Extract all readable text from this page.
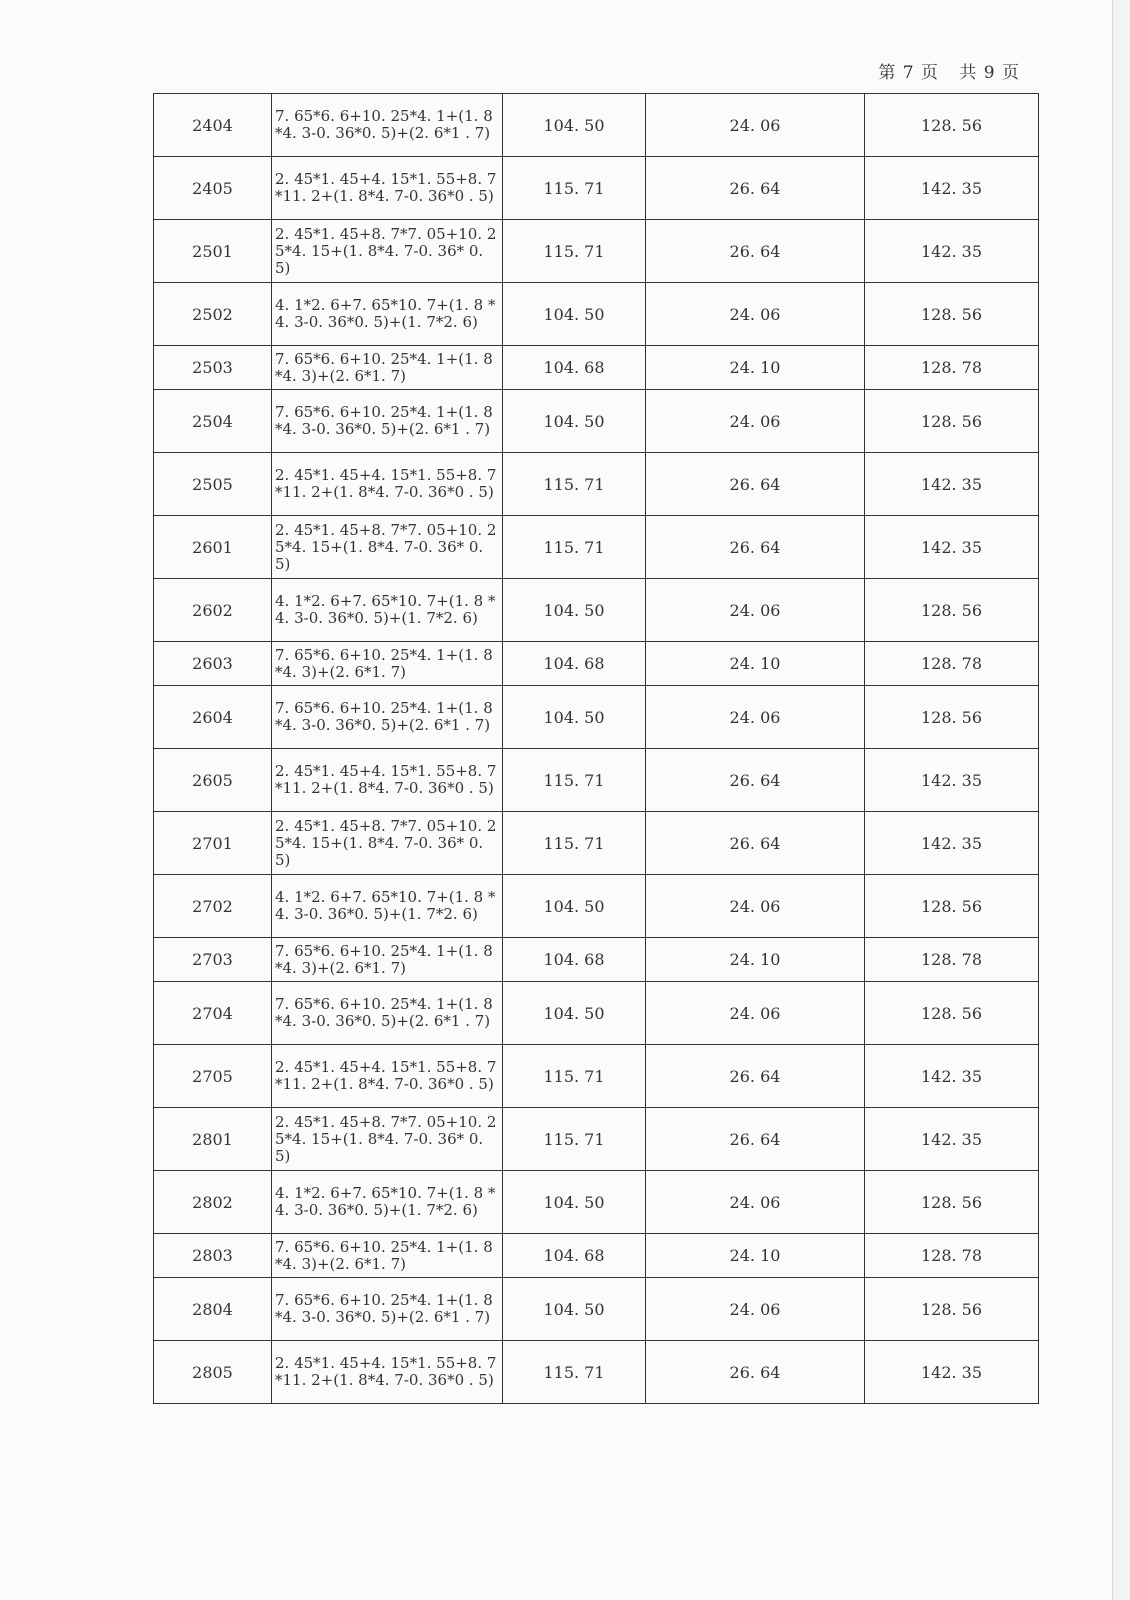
第 7 页 共 9 页
2404	7. 65*6. 6+10. 25*4. 1+(1. 8*4. 3-0. 36*0. 5)+(2. 6*1 . 7)	104. 50	24. 06	128. 56
2405	2. 45*1. 45+4. 15*1. 55+8. 7*11. 2+(1. 8*4. 7-0. 36*0 . 5)	115. 71	26. 64	142. 35
2501	2. 45*1. 45+8. 7*7. 05+10. 25*4. 15+(1. 8*4. 7-0. 36* 0. 5)	115. 71	26. 64	142. 35
2502	4. 1*2. 6+7. 65*10. 7+(1. 8 *4. 3-0. 36*0. 5)+(1. 7*2. 6)	104. 50	24. 06	128. 56
2503	7. 65*6. 6+10. 25*4. 1+(1. 8*4. 3)+(2. 6*1. 7)	104. 68	24. 10	128. 78
2504	7. 65*6. 6+10. 25*4. 1+(1. 8*4. 3-0. 36*0. 5)+(2. 6*1 . 7)	104. 50	24. 06	128. 56
2505	2. 45*1. 45+4. 15*1. 55+8. 7*11. 2+(1. 8*4. 7-0. 36*0 . 5)	115. 71	26. 64	142. 35
2601	2. 45*1. 45+8. 7*7. 05+10. 25*4. 15+(1. 8*4. 7-0. 36* 0. 5)	115. 71	26. 64	142. 35
2602	4. 1*2. 6+7. 65*10. 7+(1. 8 *4. 3-0. 36*0. 5)+(1. 7*2. 6)	104. 50	24. 06	128. 56
2603	7. 65*6. 6+10. 25*4. 1+(1. 8*4. 3)+(2. 6*1. 7)	104. 68	24. 10	128. 78
2604	7. 65*6. 6+10. 25*4. 1+(1. 8*4. 3-0. 36*0. 5)+(2. 6*1 . 7)	104. 50	24. 06	128. 56
2605	2. 45*1. 45+4. 15*1. 55+8. 7*11. 2+(1. 8*4. 7-0. 36*0 . 5)	115. 71	26. 64	142. 35
2701	2. 45*1. 45+8. 7*7. 05+10. 25*4. 15+(1. 8*4. 7-0. 36* 0. 5)	115. 71	26. 64	142. 35
2702	4. 1*2. 6+7. 65*10. 7+(1. 8 *4. 3-0. 36*0. 5)+(1. 7*2. 6)	104. 50	24. 06	128. 56
2703	7. 65*6. 6+10. 25*4. 1+(1. 8*4. 3)+(2. 6*1. 7)	104. 68	24. 10	128. 78
2704	7. 65*6. 6+10. 25*4. 1+(1. 8*4. 3-0. 36*0. 5)+(2. 6*1 . 7)	104. 50	24. 06	128. 56
2705	2. 45*1. 45+4. 15*1. 55+8. 7*11. 2+(1. 8*4. 7-0. 36*0 . 5)	115. 71	26. 64	142. 35
2801	2. 45*1. 45+8. 7*7. 05+10. 25*4. 15+(1. 8*4. 7-0. 36* 0. 5)	115. 71	26. 64	142. 35
2802	4. 1*2. 6+7. 65*10. 7+(1. 8 *4. 3-0. 36*0. 5)+(1. 7*2. 6)	104. 50	24. 06	128. 56
2803	7. 65*6. 6+10. 25*4. 1+(1. 8*4. 3)+(2. 6*1. 7)	104. 68	24. 10	128. 78
2804	7. 65*6. 6+10. 25*4. 1+(1. 8*4. 3-0. 36*0. 5)+(2. 6*1 . 7)	104. 50	24. 06	128. 56
2805	2. 45*1. 45+4. 15*1. 55+8. 7*11. 2+(1. 8*4. 7-0. 36*0 . 5)	115. 71	26. 64	142. 35
